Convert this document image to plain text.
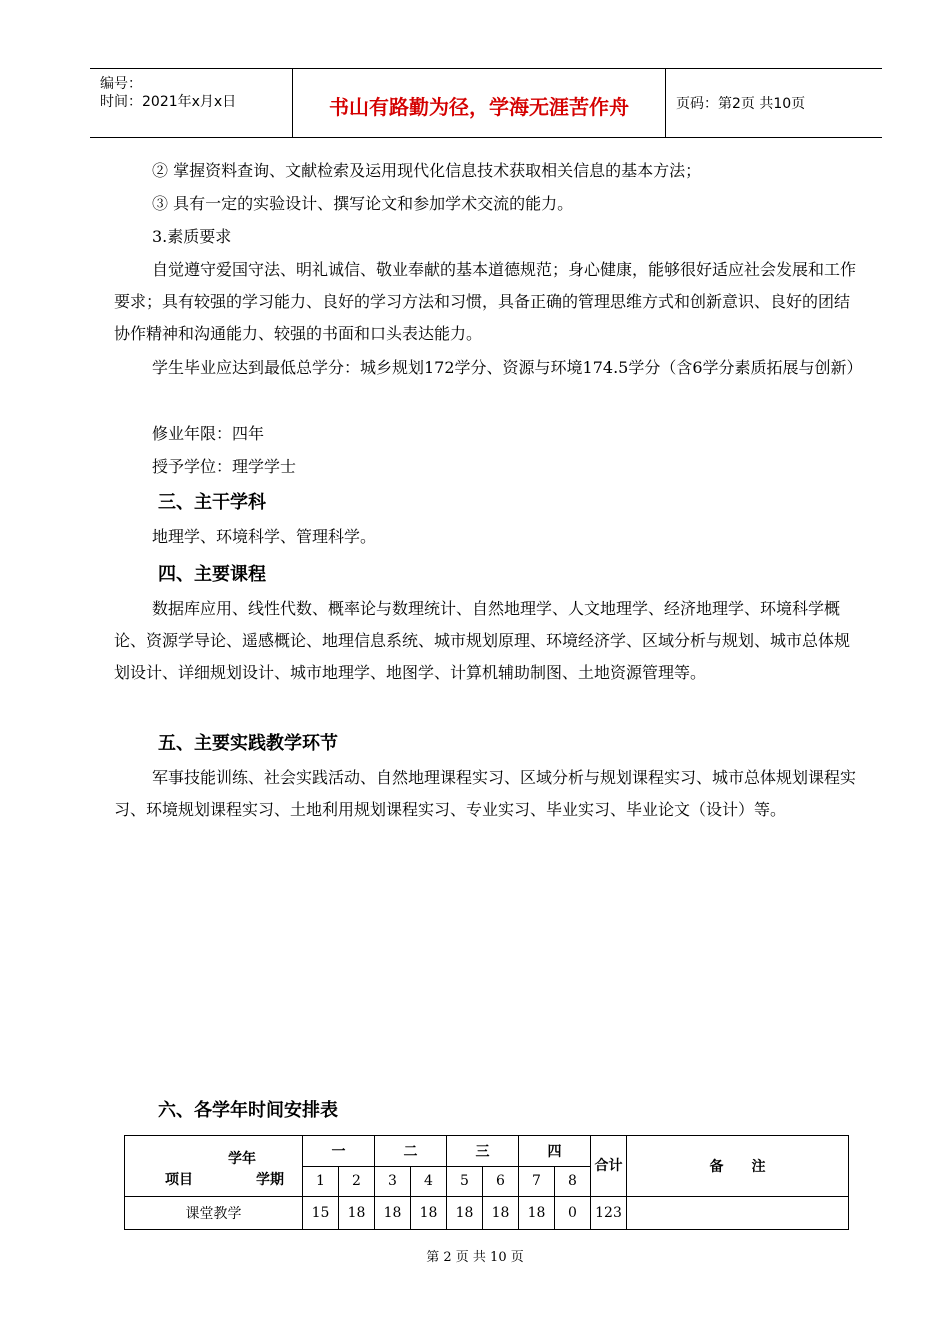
编号：
时间：2021年x月x日	书山有路勤为径，学海无涯苦作舟	页码：第2页 共10页

② 掌握资料查询、文献检索及运用现代化信息技术获取相关信息的基本方法；

③ 具有一定的实验设计、撰写论文和参加学术交流的能力。

3.素质要求

自觉遵守爱国守法、明礼诚信、敬业奉献的基本道德规范；身心健康，能够很好适应社会发展和工作要求；具有较强的学习能力、良好的学习方法和习惯，具备正确的管理思维方式和创新意识、良好的团结协作精神和沟通能力、较强的书面和口头表达能力。

学生毕业应达到最低总学分：城乡规划172学分、资源与环境174.5学分（含6学分素质拓展与创新）

修业年限：四年

授予学位：理学学士

三、主干学科

地理学、环境科学、管理科学。

四、主要课程

数据库应用、线性代数、概率论与数理统计、自然地理学、人文地理学、经济地理学、环境科学概论、资源学导论、遥感概论、地理信息系统、城市规划原理、环境经济学、区域分析与规划、城市总体规划设计、详细规划设计、城市地理学、地图学、计算机辅助制图、土地资源管理等。

五、主要实践教学环节

军事技能训练、社会实践活动、自然地理课程实习、区域分析与规划课程实习、城市总体规划课程实习、环境规划课程实习、土地利用规划课程实习、专业实习、毕业实习、毕业论文（设计）等。

六、各学年时间安排表
学年
项目 学期	一		二		三		四		合计	备　　注
	1	2	3	4	5	6	7	8		
课堂教学	15	18	18	18	18	18	18	0	123	
第 2 页 共 10 页
